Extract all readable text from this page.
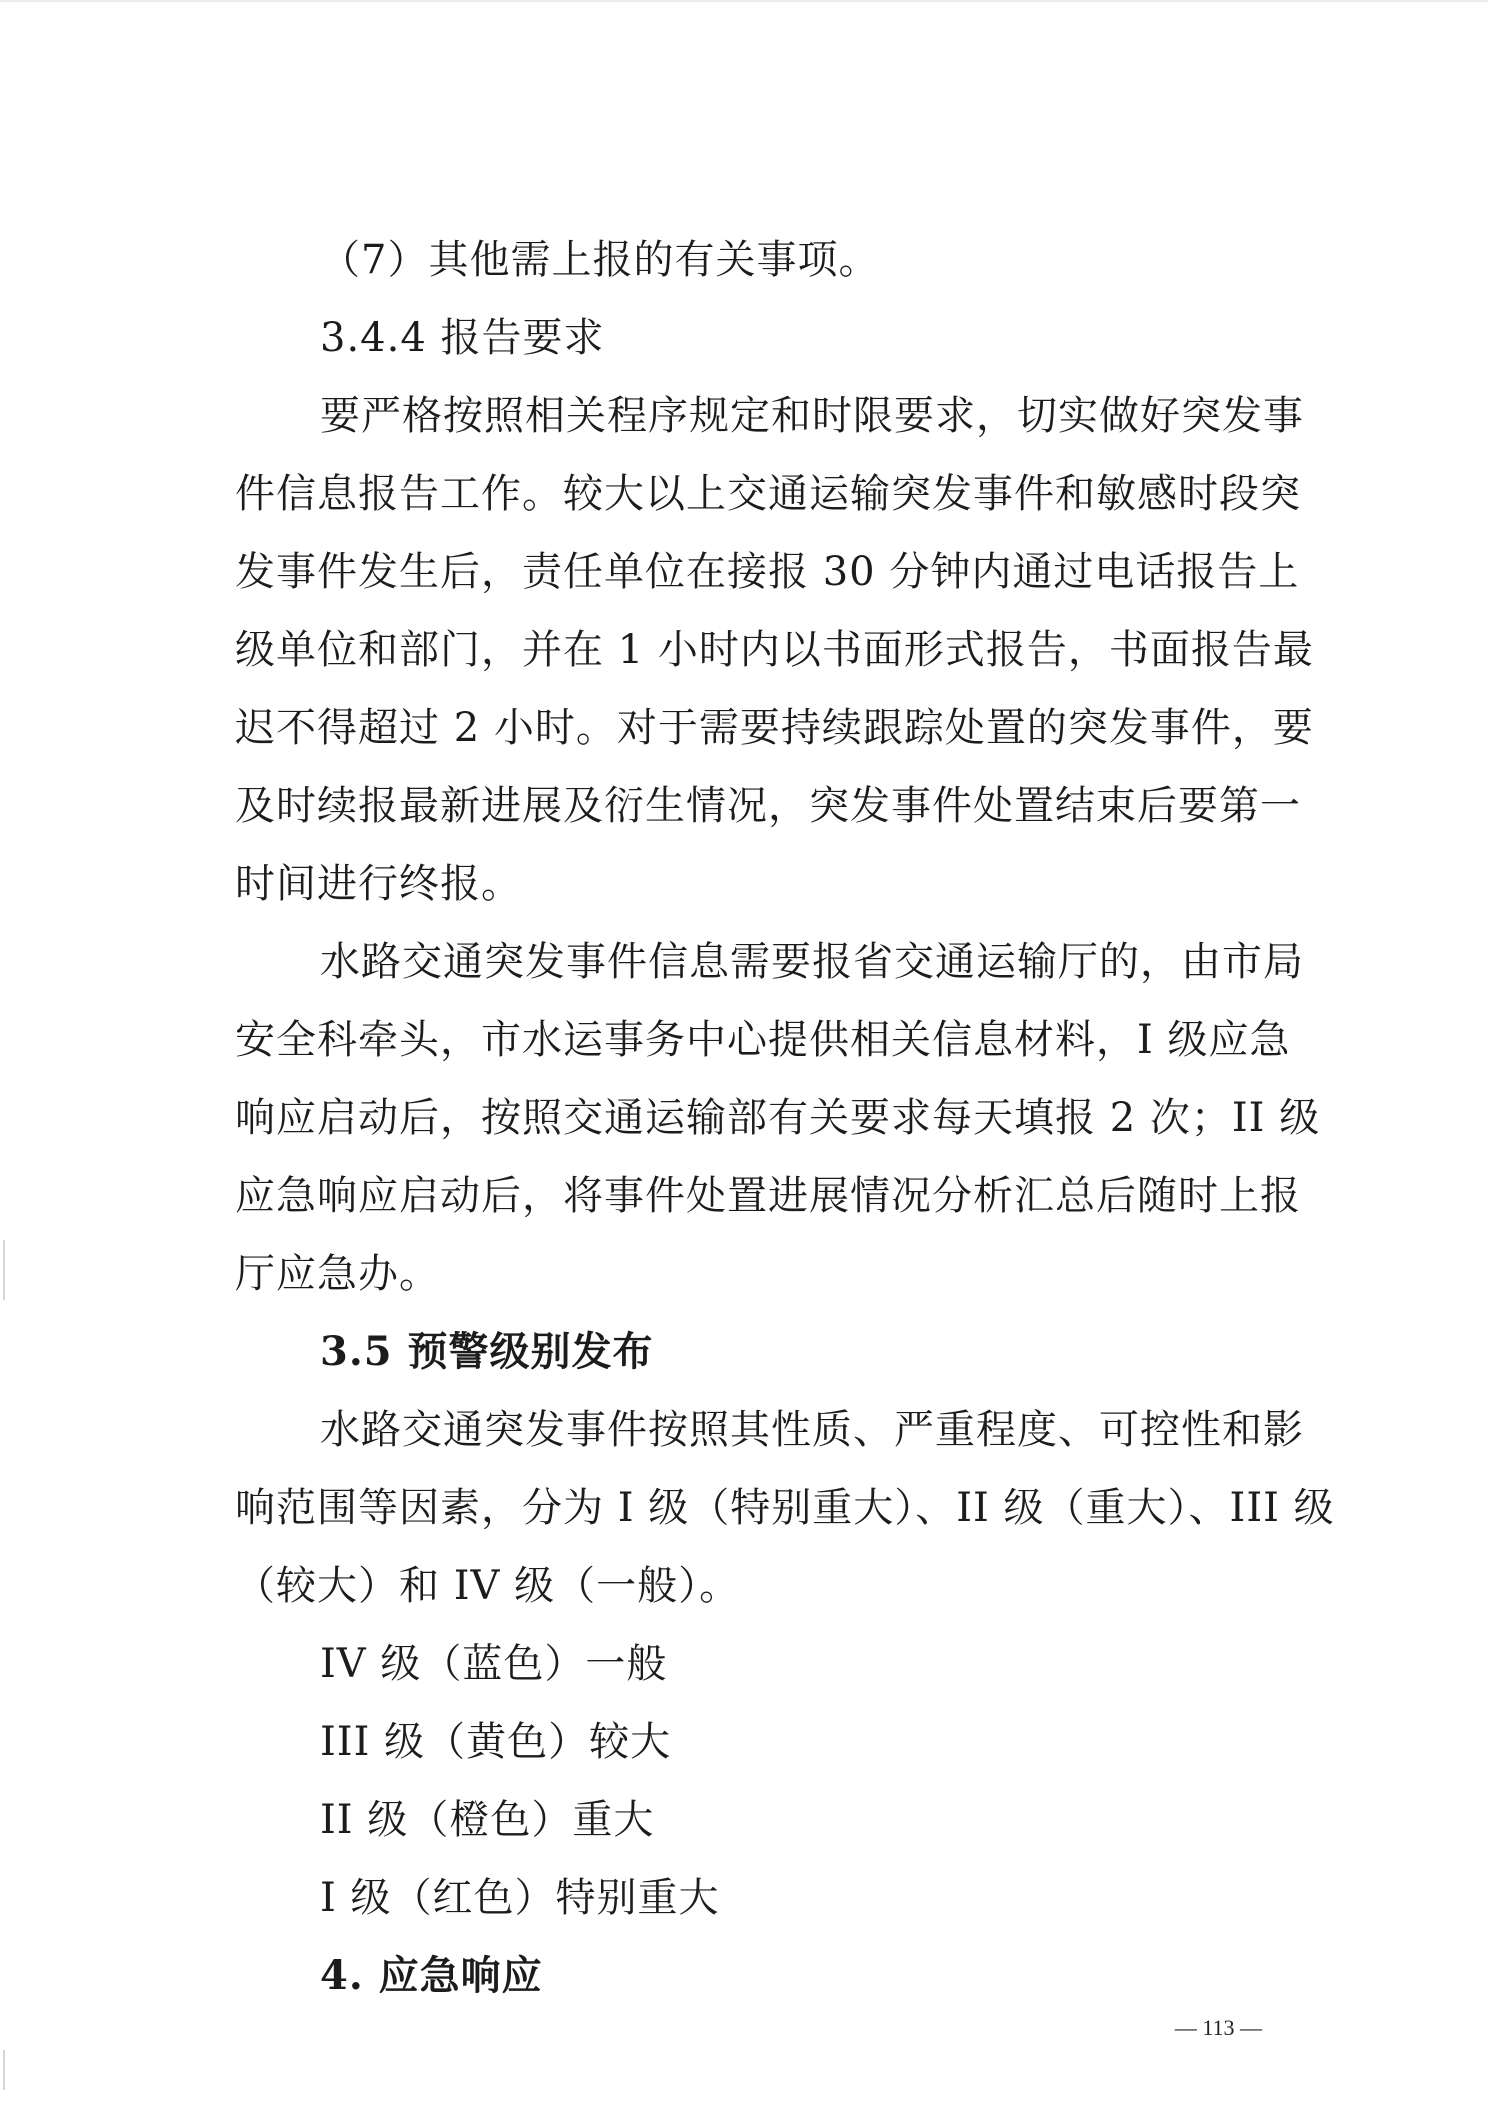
（7）其他需上报的有关事项。
3.4.4 报告要求
要严格按照相关程序规定和时限要求，切实做好突发事
件信息报告工作。较大以上交通运输突发事件和敏感时段突
发事件发生后，责任单位在接报 30 分钟内通过电话报告上
级单位和部门，并在 1 小时内以书面形式报告，书面报告最
迟不得超过 2 小时。对于需要持续跟踪处置的突发事件，要
及时续报最新进展及衍生情况，突发事件处置结束后要第一
时间进行终报。
水路交通突发事件信息需要报省交通运输厅的，由市局
安全科牵头，市水运事务中心提供相关信息材料，I 级应急
响应启动后，按照交通运输部有关要求每天填报 2 次；II 级
应急响应启动后，将事件处置进展情况分析汇总后随时上报
厅应急办。
3.5 预警级别发布
水路交通突发事件按照其性质、严重程度、可控性和影
响范围等因素，分为 I 级（特别重大）、II 级（重大）、III 级
（较大）和 IV 级（一般）。
IV 级（蓝色）一般
III 级（黄色）较大
II 级（橙色）重大
I 级（红色）特别重大
4. 应急响应
— 113 —
